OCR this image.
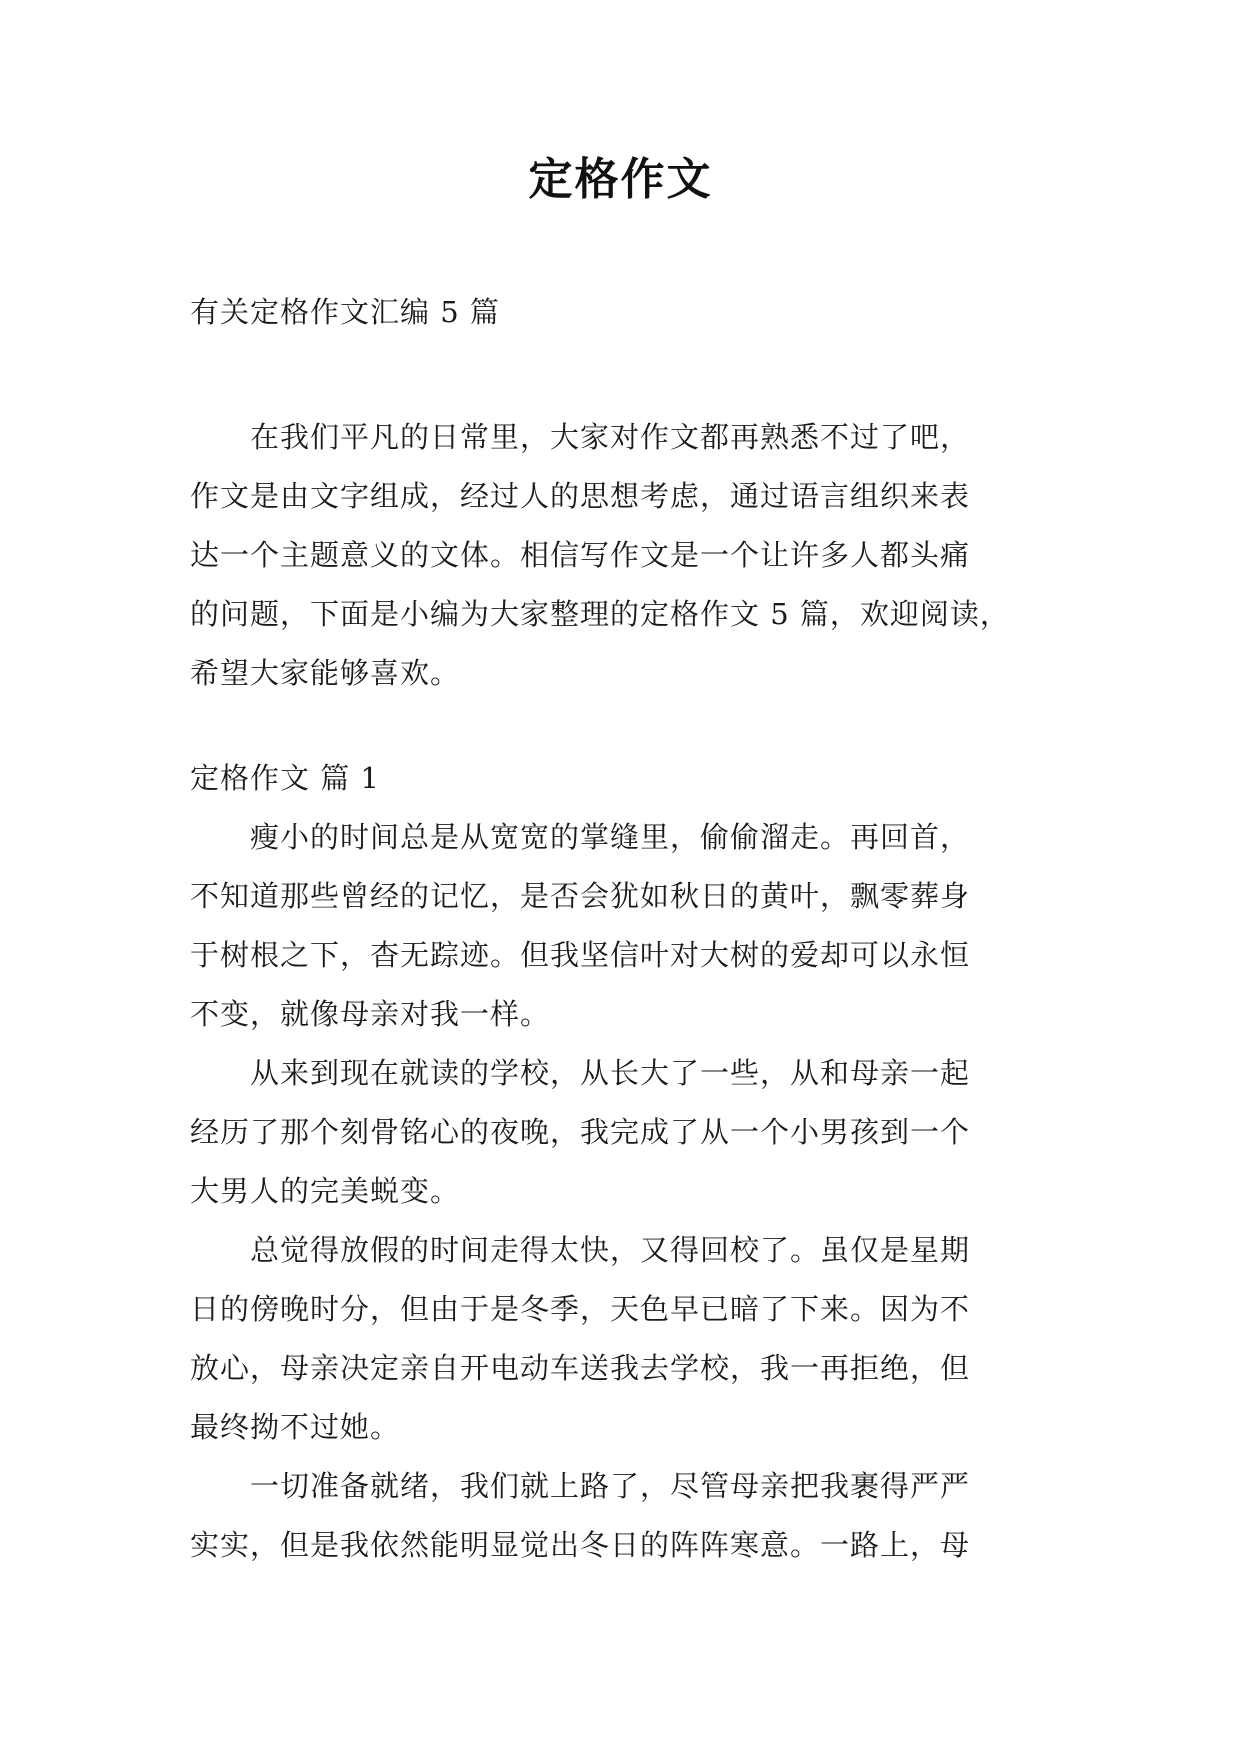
定格作文
有关定格作文汇编 5 篇
　　在我们平凡的日常里，大家对作文都再熟悉不过了吧，
作文是由文字组成，经过人的思想考虑，通过语言组织来表
达一个主题意义的文体。相信写作文是一个让许多人都头痛
的问题，下面是小编为大家整理的定格作文 5 篇，欢迎阅读，
希望大家能够喜欢。
定格作文 篇 1
　　瘦小的时间总是从宽宽的掌缝里，偷偷溜走。再回首，
不知道那些曾经的记忆，是否会犹如秋日的黄叶，飘零葬身
于树根之下，杳无踪迹。但我坚信叶对大树的爱却可以永恒
不变，就像母亲对我一样。
　　从来到现在就读的学校，从长大了一些，从和母亲一起
经历了那个刻骨铭心的夜晚，我完成了从一个小男孩到一个
大男人的完美蜕变。
　　总觉得放假的时间走得太快，又得回校了。虽仅是星期
日的傍晚时分，但由于是冬季，天色早已暗了下来。因为不
放心，母亲决定亲自开电动车送我去学校，我一再拒绝，但
最终拗不过她。
　　一切准备就绪，我们就上路了，尽管母亲把我裹得严严
实实，但是我依然能明显觉出冬日的阵阵寒意。一路上，母
